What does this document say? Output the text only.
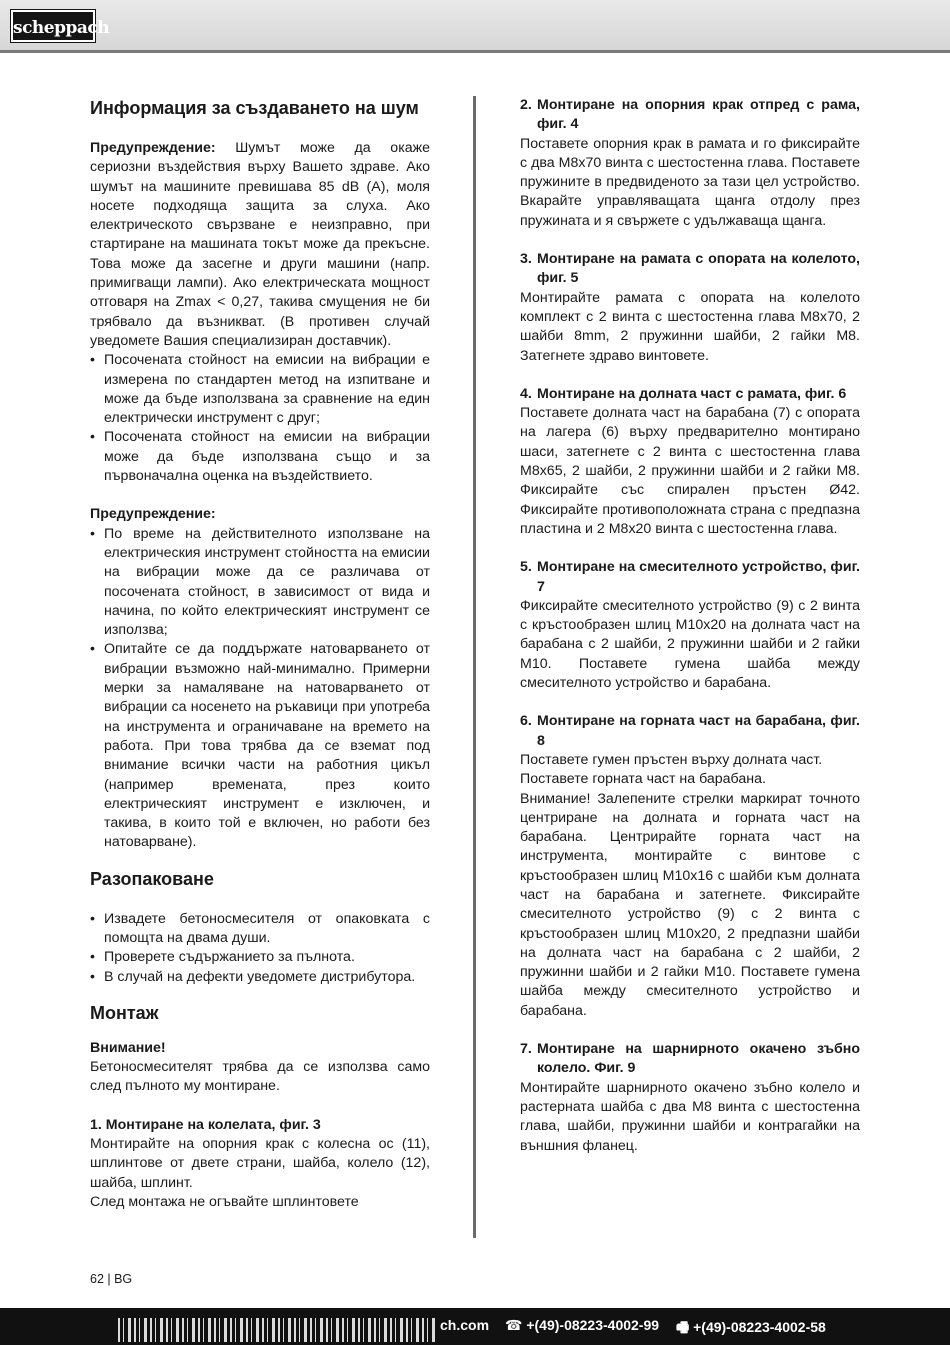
scheppach
Информация за създаването на шум

Предупреждение: Шумът може да окаже сериозни въздействия върху Вашето здраве. Ако шумът на машините превишава 85 dB (A), моля носете подходяща защита за слуха. Ако електрическото свързване е неизправно, при стартиране на машината токът може да прекъсне. Това може да засегне и други машини (напр. примигващи лампи). Ако електрическата мощност отговаря на Zmax < 0,27, такива смущения не би трябвало да възникват. (В противен случай уведомете Вашия специализиран доставчик).

• Посочената стойност на емисии на вибрации е измерена по стандартен метод на изпитване и може да бъде използвана за сравнение на един електрически инструмент с друг;
• Посочената стойност на емисии на вибрации може да бъде използвана също и за първоначална оценка на въздействието.

Предупреждение:

• По време на действителното използване на електрическия инструмент стойността на емисии на вибрации може да се различава от посочената стойност, в зависимост от вида и начина, по който електрическият инструмент се използва;
• Опитайте се да поддържате натоварването от вибрации възможно най-минимално. Примерни мерки за намаляване на натоварването от вибрации са носенето на ръкавици при употреба на инструмента и ограничаване на времето на работа. При това трябва да се вземат под внимание всички части на работния цикъл (например времената, през които електрическият инструмент е изключен, и такива, в които той е включен, но работи без натоварване).
Разопаковане
• Извадете бетоносмесителя от опаковката с помощта на двама души.
• Проверете съдържанието за пълнота.
• В случай на дефекти уведомете дистрибутора.
Монтаж

Внимание!

Бетоносмесителят трябва да се използва само след пълното му монтиране.

1. Монтиране на колелата, фиг. 3

Монтирайте на опорния крак с колесна ос (11), шплинтове от двете страни, шайба, колело (12), шайба, шплинт.

След монтажа не огъвайте шплинтовете

2. Монтиране на опорния крак отпред с рама, фиг. 4

Поставете опорния крак в рамата и го фиксирайте с два M8x70 винта с шестостенна глава. Поставете пружините в предвиденото за тази цел устройство. Вкарайте управляващата щанга отдолу през пружината и я свържете с удължаваща щанга.

3. Монтиране на рамата с опората на колелото, фиг. 5

Монтирайте рамата с опората на колелото комплект с 2 винта с шестостенна глава M8x70, 2 шайби 8mm, 2 пружинни шайби, 2 гайки M8. Затегнете здраво винтовете.

4. Монтиране на долната част с рамата, фиг. 6

Поставете долната част на барабана (7) с опората на лагера (6) върху предварително монтирано шаси, затегнете с 2 винта с шестостенна глава M8x65, 2 шайби, 2 пружинни шайби и 2 гайки M8. Фиксирайте със спирален пръстен Ø42. Фиксирайте противоположната страна с предпазна пластина и 2 M8x20 винта с шестостенна глава.

5. Монтиране на смесителното устройство, фиг. 7

Фиксирайте смесителното устройство (9) с 2 винта с кръстообразен шлиц M10x20 на долната част на барабана с 2 шайби, 2 пружинни шайби и 2 гайки M10. Поставете гумена шайба между смесителното устройство и барабана.

6. Монтиране на горната част на барабана, фиг. 8

Поставете гумен пръстен върху долната част.
Поставете горната част на барабана.
Внимание! Залепените стрелки маркират точното центриране на долната и горната част на барабана. Центрирайте горната част на инструмента, монтирайте с винтове с кръстообразен шлиц M10x16 с шайби към долната част на барабана и затегнете. Фиксирайте смесителното устройство (9) с 2 винта с кръстообразен шлиц M10x20, 2 предпазни шайби на долната част на барабана с 2 шайби, 2 пружинни шайби и 2 гайки M10. Поставете гумена шайба между смесителното устройство и барабана.

7. Монтиране на шарнирното окачено зъбно колело. Фиг. 9

Монтирайте шарнирното окачено зъбно колело и растерната шайба с два M8 винта с шестостенна глава, шайби, пружинни шайби и контрагайки на външния фланец.

62 | BG
ch.com ☎ +(49)-08223-4002-99 🖷 +(49)-08223-4002-58
